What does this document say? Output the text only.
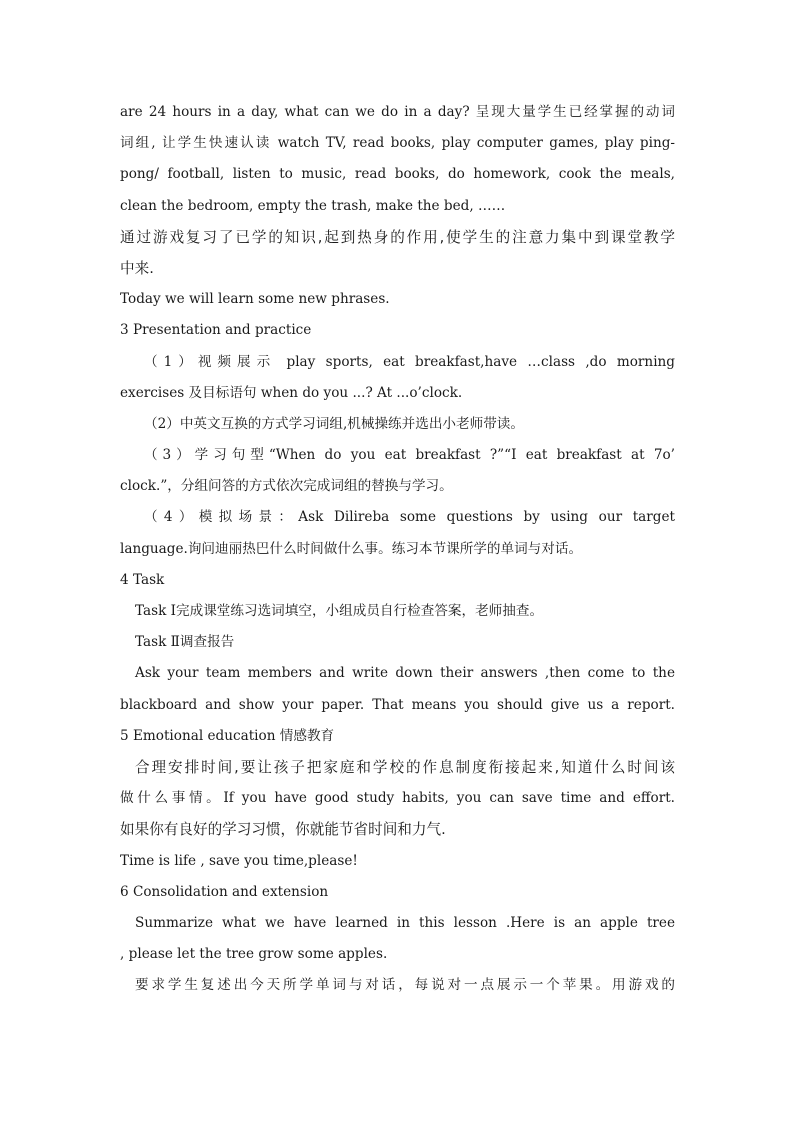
are 24 hours in a day, what can we do in a day? 呈现大量学生已经掌握的动词
词组, 让学生快速认读 watch TV, read books, play computer games, play ping-
pong/ football, listen to music, read books, do homework, cook the meals,
clean the bedroom, empty the trash, make the bed, ……
通过游戏复习了已学的知识,起到热身的作用,使学生的注意力集中到课堂教学
中来.
Today we will learn some new phrases.
3 Presentation and practice
（1）视频展示 play sports, eat breakfast,have …class ,do morning
exercises 及目标语句 when do you ...? At ...o’clock.
（2）中英文互换的方式学习词组,机械操练并选出小老师带读。
（3）学习句型“When do you eat breakfast ?”“I eat breakfast at 7o’
clock.”，分组问答的方式依次完成词组的替换与学习。
（4）模拟场景：Ask Dilireba some questions by using our target
language.询问迪丽热巴什么时间做什么事。练习本节课所学的单词与对话。
4 Task
Task Ⅰ完成课堂练习选词填空，小组成员自行检查答案，老师抽查。
Task Ⅱ调查报告
Ask your team members and write down their answers ,then come to the
blackboard and show your paper. That means you should give us a report.
5 Emotional education 情感教育
合理安排时间,要让孩子把家庭和学校的作息制度衔接起来,知道什么时间该
做什么事情。If you have good study habits, you can save time and effort.
如果你有良好的学习习惯，你就能节省时间和力气.
Time is life , save you time,please!
6 Consolidation and extension
Summarize what we have learned in this lesson .Here is an apple tree
, please let the tree grow some apples.
要求学生复述出今天所学单词与对话，每说对一点展示一个苹果。用游戏的
